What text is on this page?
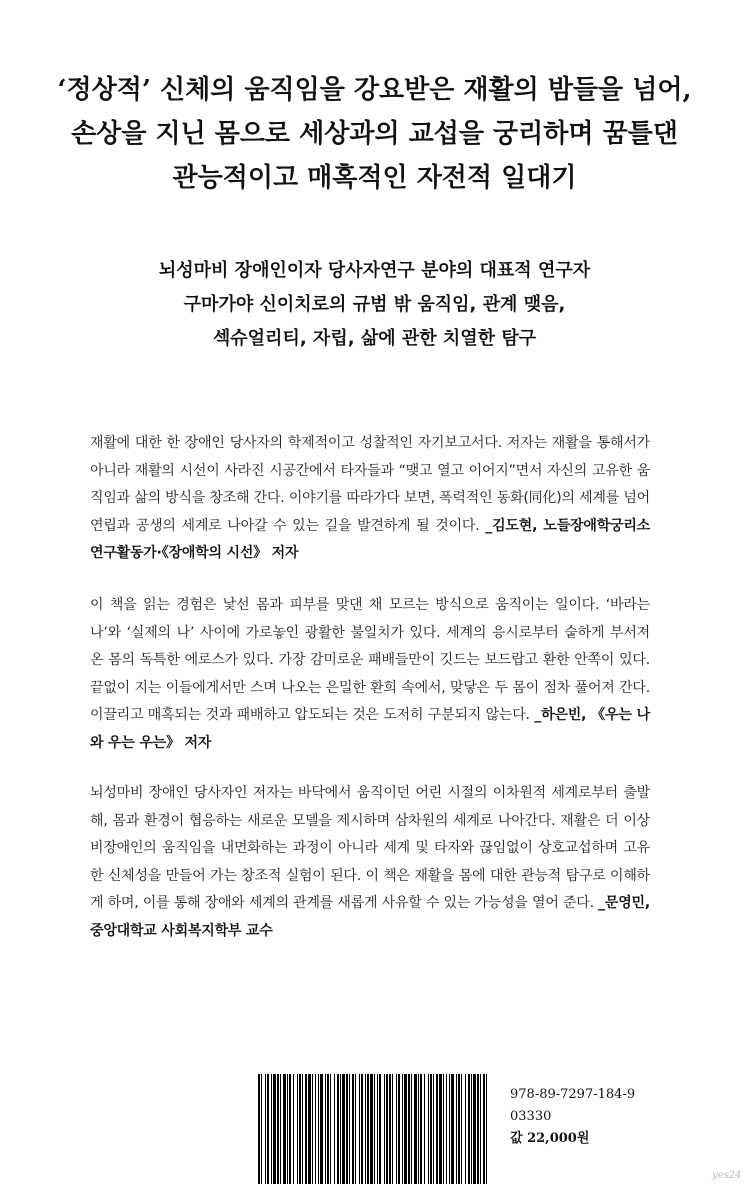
‘정상적’ 신체의 움직임을 강요받은 재활의 밤들을 넘어,
손상을 지닌 몸으로 세상과의 교섭을 궁리하며 꿈틀댄
관능적이고 매혹적인 자전적 일대기
뇌성마비 장애인이자 당사자연구 분야의 대표적 연구자
구마가야 신이치로의 규범 밖 움직임, 관계 맺음,
섹슈얼리티, 자립, 삶에 관한 치열한 탐구
재활에 대한 한 장애인 당사자의 학제적이고 성찰적인 자기보고서다. 저자는 재활을 통해서가 아니라 재활의 시선이 사라진 시공간에서 타자들과 “맺고 열고 이어지”면서 자신의 고유한 움직임과 삶의 방식을 창조해 간다. 이야기를 따라가다 보면, 폭력적인 동화(同化)의 세계를 넘어 연립과 공생의 세계로 나아갈 수 있는 길을 발견하게 될 것이다. _김도현, 노들장애학궁리소 연구활동가·《장애학의 시선》 저자
이 책을 읽는 경험은 낯선 몸과 피부를 맞댄 채 모르는 방식으로 움직이는 일이다. ‘바라는 나’와 ‘실제의 나’ 사이에 가로놓인 광활한 불일치가 있다. 세계의 응시로부터 숱하게 부서져 온 몸의 독특한 에로스가 있다. 가장 감미로운 패배들만이 깃드는 보드랍고 환한 안쪽이 있다. 끝없이 지는 이들에게서만 스며 나오는 은밀한 환희 속에서, 맞닿은 두 몸이 점차 풀어져 간다. 이끌리고 매혹되는 것과 패배하고 압도되는 것은 도저히 구분되지 않는다. _하은빈, 《우는 나와 우는 우는》 저자
뇌성마비 장애인 당사자인 저자는 바닥에서 움직이던 어린 시절의 이차원적 세계로부터 출발해, 몸과 환경이 협응하는 새로운 모델을 제시하며 삼차원의 세계로 나아간다. 재활은 더 이상 비장애인의 움직임을 내면화하는 과정이 아니라 세계 및 타자와 끊임없이 상호교섭하며 고유한 신체성을 만들어 가는 창조적 실험이 된다. 이 책은 재활을 몸에 대한 관능적 탐구로 이해하게 하며, 이를 통해 장애와 세계의 관계를 새롭게 사유할 수 있는 가능성을 열어 준다. _문영민, 중앙대학교 사회복지학부 교수
978-89-7297-184-9
03330
값 22,000원
yes24
